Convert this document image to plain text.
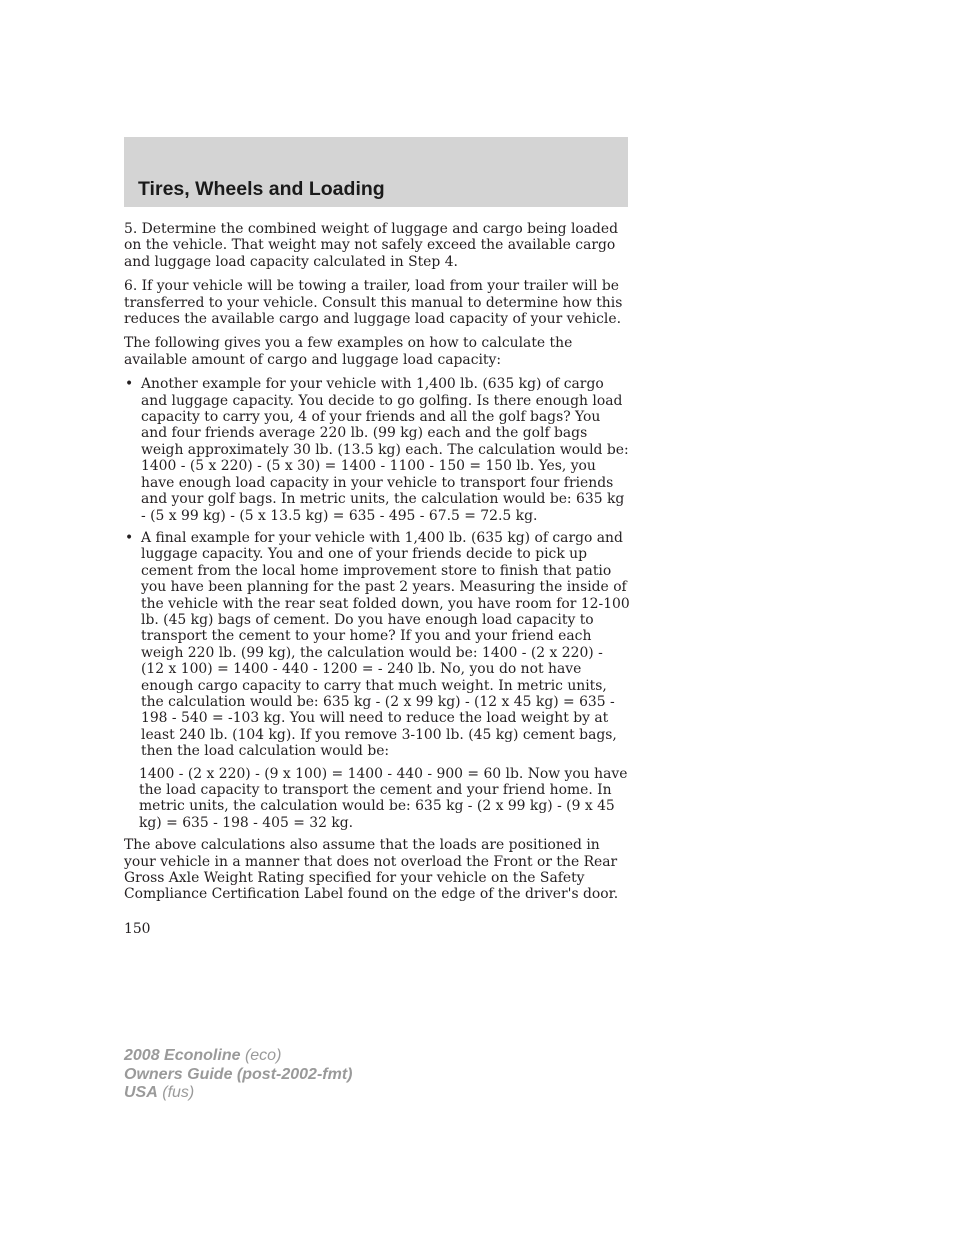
Tires, Wheels and Loading

5. Determine the combined weight of luggage and cargo being loaded on the vehicle. That weight may not safely exceed the available cargo and luggage load capacity calculated in Step 4.

6. If your vehicle will be towing a trailer, load from your trailer will be transferred to your vehicle. Consult this manual to determine how this reduces the available cargo and luggage load capacity of your vehicle.

The following gives you a few examples on how to calculate the available amount of cargo and luggage load capacity:

• Another example for your vehicle with 1,400 lb. (635 kg) of cargo and luggage capacity. You decide to go golfing. Is there enough load capacity to carry you, 4 of your friends and all the golf bags? You and four friends average 220 lb. (99 kg) each and the golf bags weigh approximately 30 lb. (13.5 kg) each. The calculation would be: 1400 - (5 x 220) - (5 x 30) = 1400 - 1100 - 150 = 150 lb. Yes, you have enough load capacity in your vehicle to transport four friends and your golf bags. In metric units, the calculation would be: 635 kg - (5 x 99 kg) - (5 x 13.5 kg) = 635 - 495 - 67.5 = 72.5 kg.
• A final example for your vehicle with 1,400 lb. (635 kg) of cargo and luggage capacity. You and one of your friends decide to pick up cement from the local home improvement store to finish that patio you have been planning for the past 2 years. Measuring the inside of the vehicle with the rear seat folded down, you have room for 12-100 lb. (45 kg) bags of cement. Do you have enough load capacity to transport the cement to your home? If you and your friend each weigh 220 lb. (99 kg), the calculation would be: 1400 - (2 x 220) - (12 x 100) = 1400 - 440 - 1200 = - 240 lb. No, you do not have enough cargo capacity to carry that much weight. In metric units, the calculation would be: 635 kg - (2 x 99 kg) - (12 x 45 kg) = 635 - 198 - 540 = -103 kg. You will need to reduce the load weight by at least 240 lb. (104 kg). If you remove 3-100 lb. (45 kg) cement bags, then the load calculation would be:

1400 - (2 x 220) - (9 x 100) = 1400 - 440 - 900 = 60 lb. Now you have the load capacity to transport the cement and your friend home. In metric units, the calculation would be: 635 kg - (2 x 99 kg) - (9 x 45 kg) = 635 - 198 - 405 = 32 kg.

The above calculations also assume that the loads are positioned in your vehicle in a manner that does not overload the Front or the Rear Gross Axle Weight Rating specified for your vehicle on the Safety Compliance Certification Label found on the edge of the driver's door.

150
2008 Econoline (eco)
Owners Guide (post-2002-fmt)
USA (fus)
